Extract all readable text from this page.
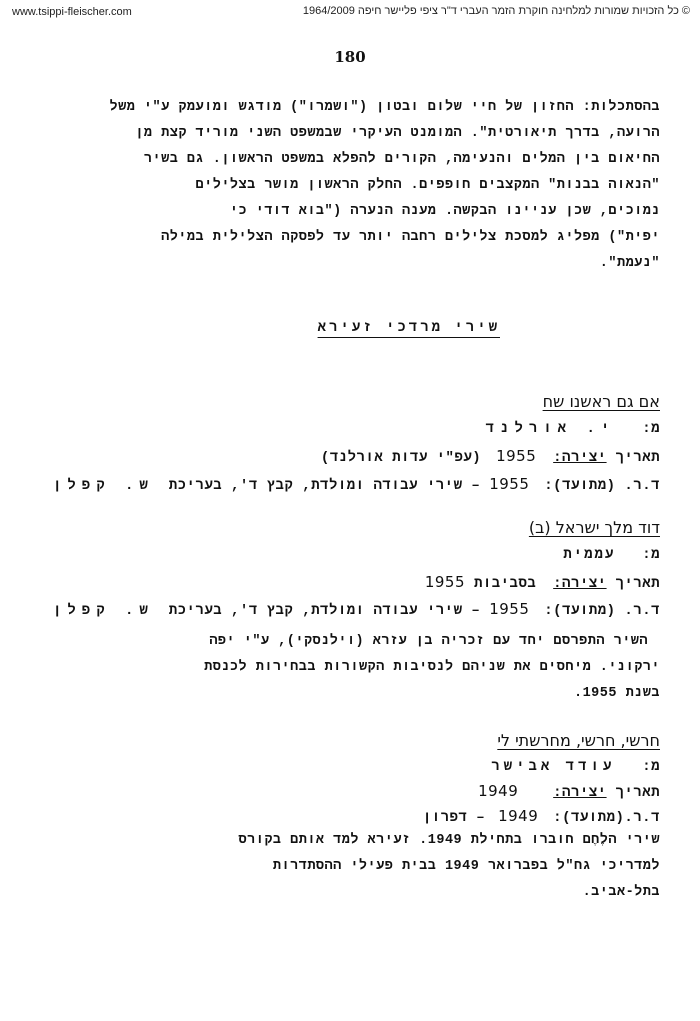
www.tsippi-fleischer.com	© כל הזכויות שמורות למלחינה חוקרת הזמר העברי ד"ר ציפי פליישר חיפה 1964/2009
180
בהסתכלות: החזון של חיי שלום ובטון ("ושמרו") מודגש ומועמק ע"י משל
הרועה, בדרך תיאורטית". המומנט העיקרי שבמשפט השני מוריד קצת מן
החיאום בין המלים והנעימה, הקורים להפלא במשפט הראשון. גם בשיר
"הנאוה בבנות" המקצבים חופפים. החלק הראשון מושר בצלילים
נמוכים, שכן עניינו הבקשה. מענה הנערה ("בוא דודי כי
יפית") מפליג למסכת צלילים רחבה יותר עד לפסקה הצלילית במילה
"נעמת".
שירי מרדכי זעירא
אם גם ראשנו שח
מ: י. אורלנד
תאריך יצירה: 1955 (עפ"י עדות אורלנד)
ד.ר. (מתועד): 1955 – שירי עבודה ומולדת, קבץ ד', בעריכת ש. קפלן
דוד מלך ישראל (ב)
מ: עממית
תאריך יצירה: בסביבות 1955
ד.ר. (מתועד): 1955 – שירי עבודה ומולדת, קבץ ד', בעריכת ש. קפלן
השיר התפרסם יחד עם זכריה בן עזרא (וילנסקי), ע"י יפה
ירקוני. מיחסים את שניהם לנסיבות הקשורות בבחירות לכנסת
בשנת 1955.
חרשי, חרשי, מחרשתי לי
מ: עודד אבישר
תאריך יצירה: 1949
ד.ר.(מתועד): 1949 – דפרון
שירי הלֶחֶם חוברו בתחילת 1949. זעירא למד אותם בקורס
למדריכי גח"ל בפברואר 1949 בבית פעילי ההסתדרות
בתל-אביב.
